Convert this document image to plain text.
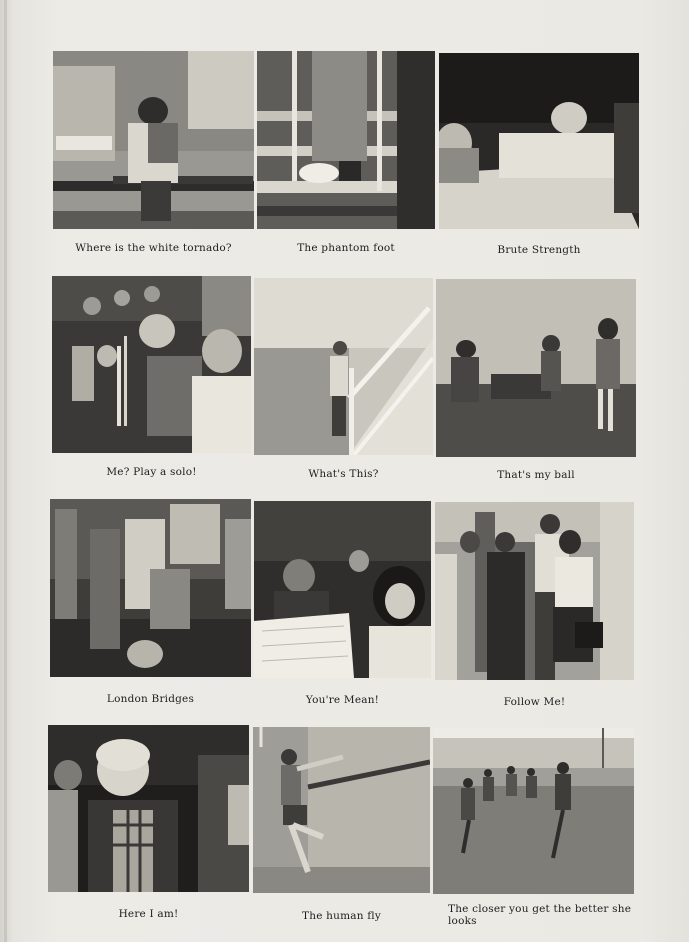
Where is the white tornado?	The phantom foot	Brute Strength
Me? Play a solo!	What's This?	That's my ball
London Bridges	You're Mean!	Follow Me!
Here I am!	The human fly
The closer you get the better she looks
